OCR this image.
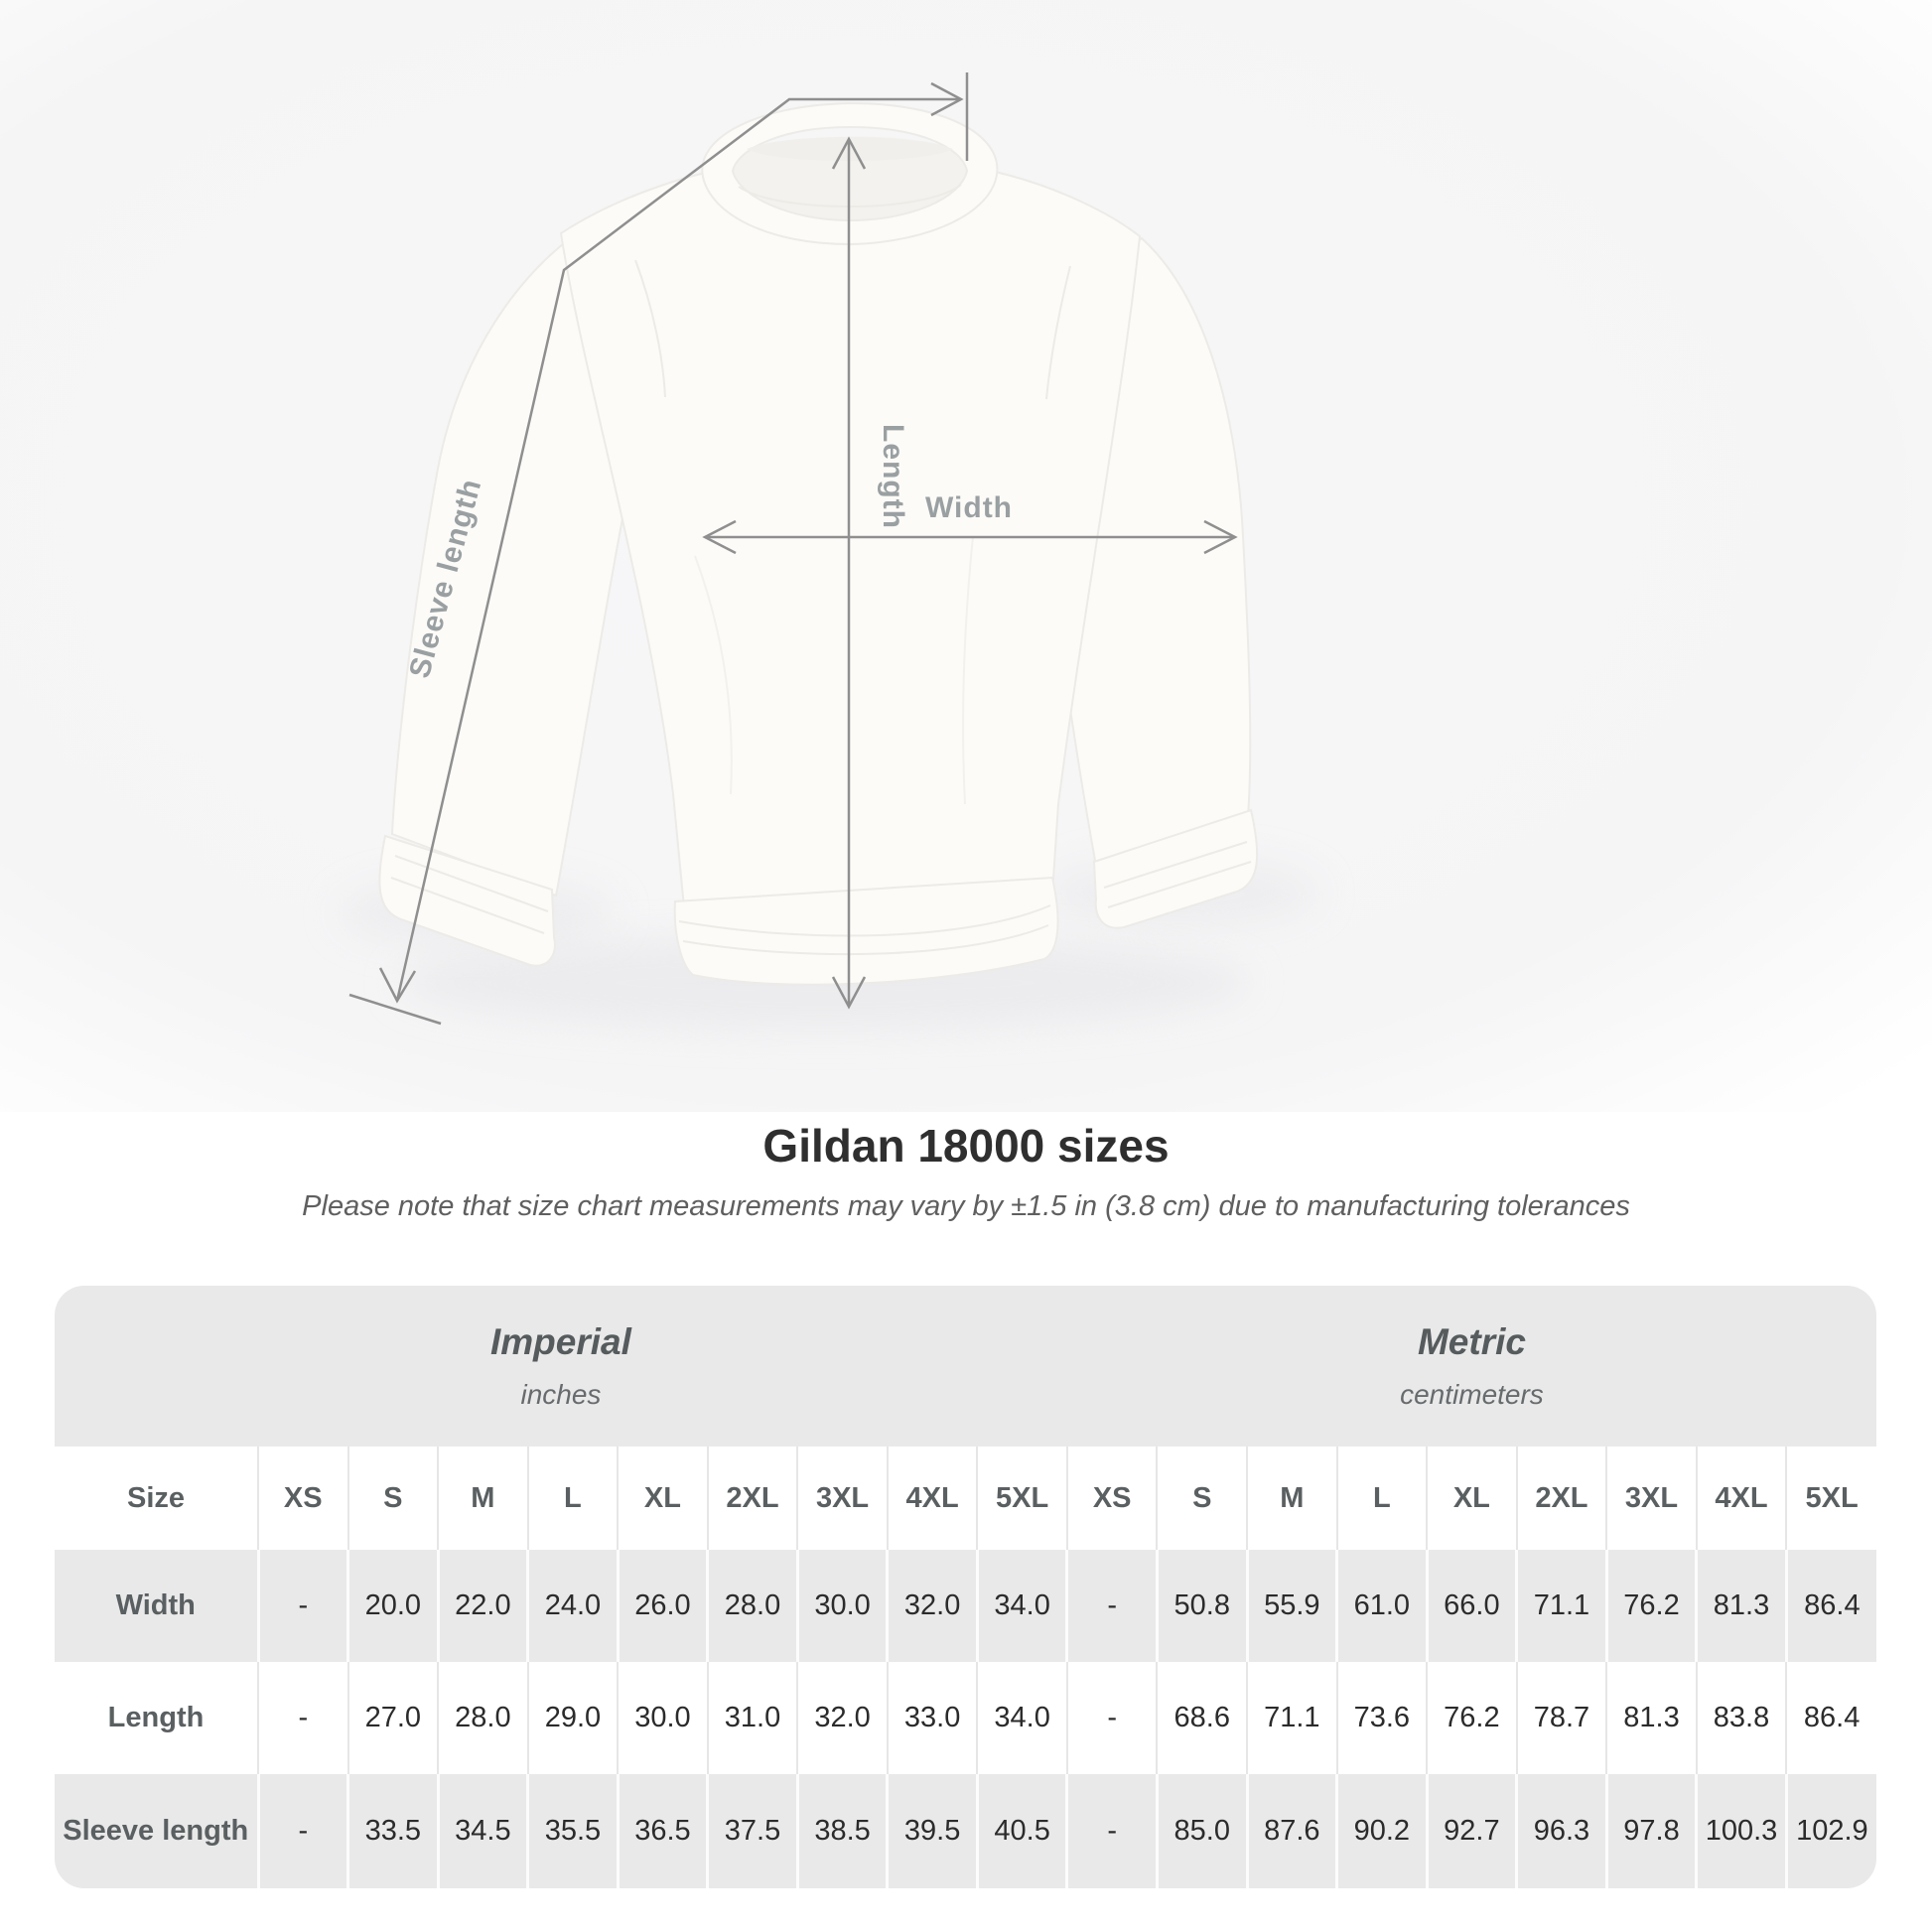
Length Width
Sleeve length
Gildan 18000 sizes

Please note that size chart measurements may vary by ±1.5 in (3.8 cm) due to manufacturing tolerances

Imperial
inches

Metric
centimeters

Size	XS	S	M	L	XL	2XL	3XL	4XL	5XL	XS	S	M	L	XL	2XL	3XL	4XL	5XL
Width	-	20.0	22.0	24.0	26.0	28.0	30.0	32.0	34.0	-	50.8	55.9	61.0	66.0	71.1	76.2	81.3	86.4
Length	-	27.0	28.0	29.0	30.0	31.0	32.0	33.0	34.0	-	68.6	71.1	73.6	76.2	78.7	81.3	83.8	86.4
Sleeve length	-	33.5	34.5	35.5	36.5	37.5	38.5	39.5	40.5	-	85.0	87.6	90.2	92.7	96.3	97.8	100.3	102.9
